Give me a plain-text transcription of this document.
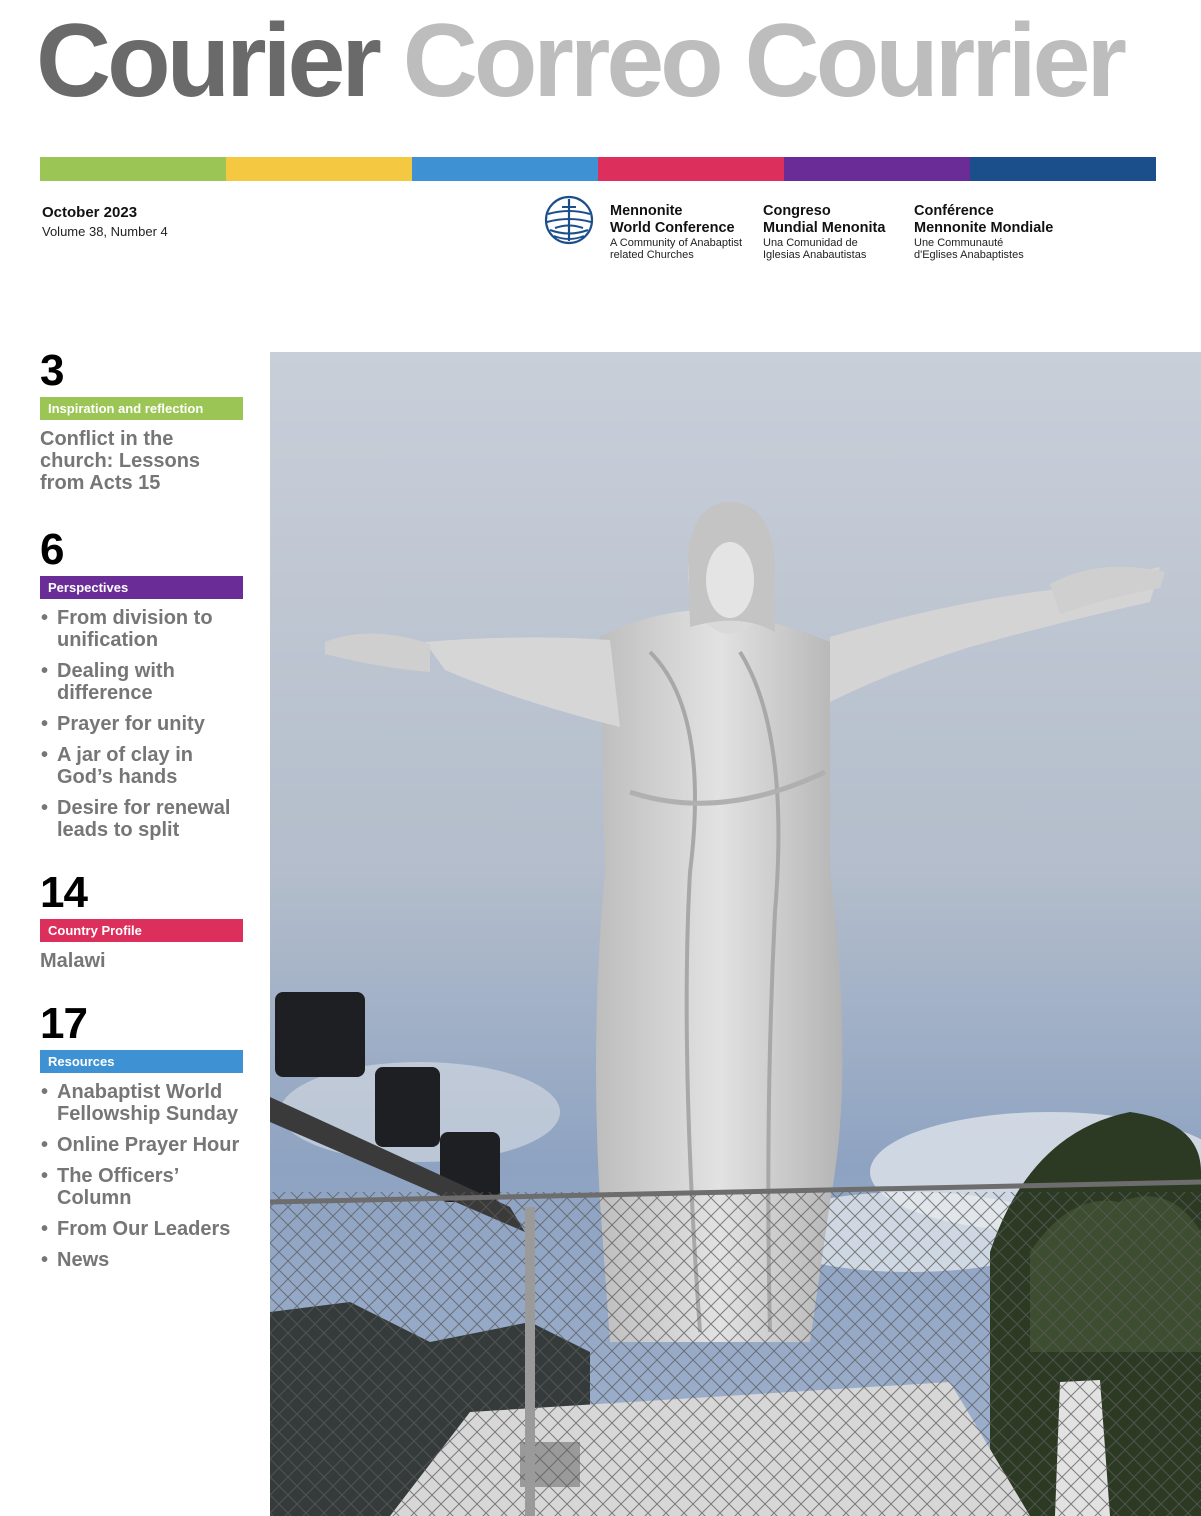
Courier Correo Courrier
October 2023
Volume 38, Number 4
Mennonite
World Conference
A Community of Anabaptist
related Churches
Congreso
Mundial Menonita
Una Comunidad de
Iglesias Anabautistas
Conférence
Mennonite Mondiale
Une Communauté
d'Eglises Anabaptistes
3
Inspiration and reflection
Conflict in the church: Lessons from Acts 15
6
Perspectives
• From division to unification
• Dealing with difference
• Prayer for unity
• A jar of clay in God’s hands
• Desire for renewal leads to split
14
Country Profile
Malawi
17
Resources
• Anabaptist World Fellowship Sunday
• Online Prayer Hour
• The Officers’ Column
• From Our Leaders
• News
